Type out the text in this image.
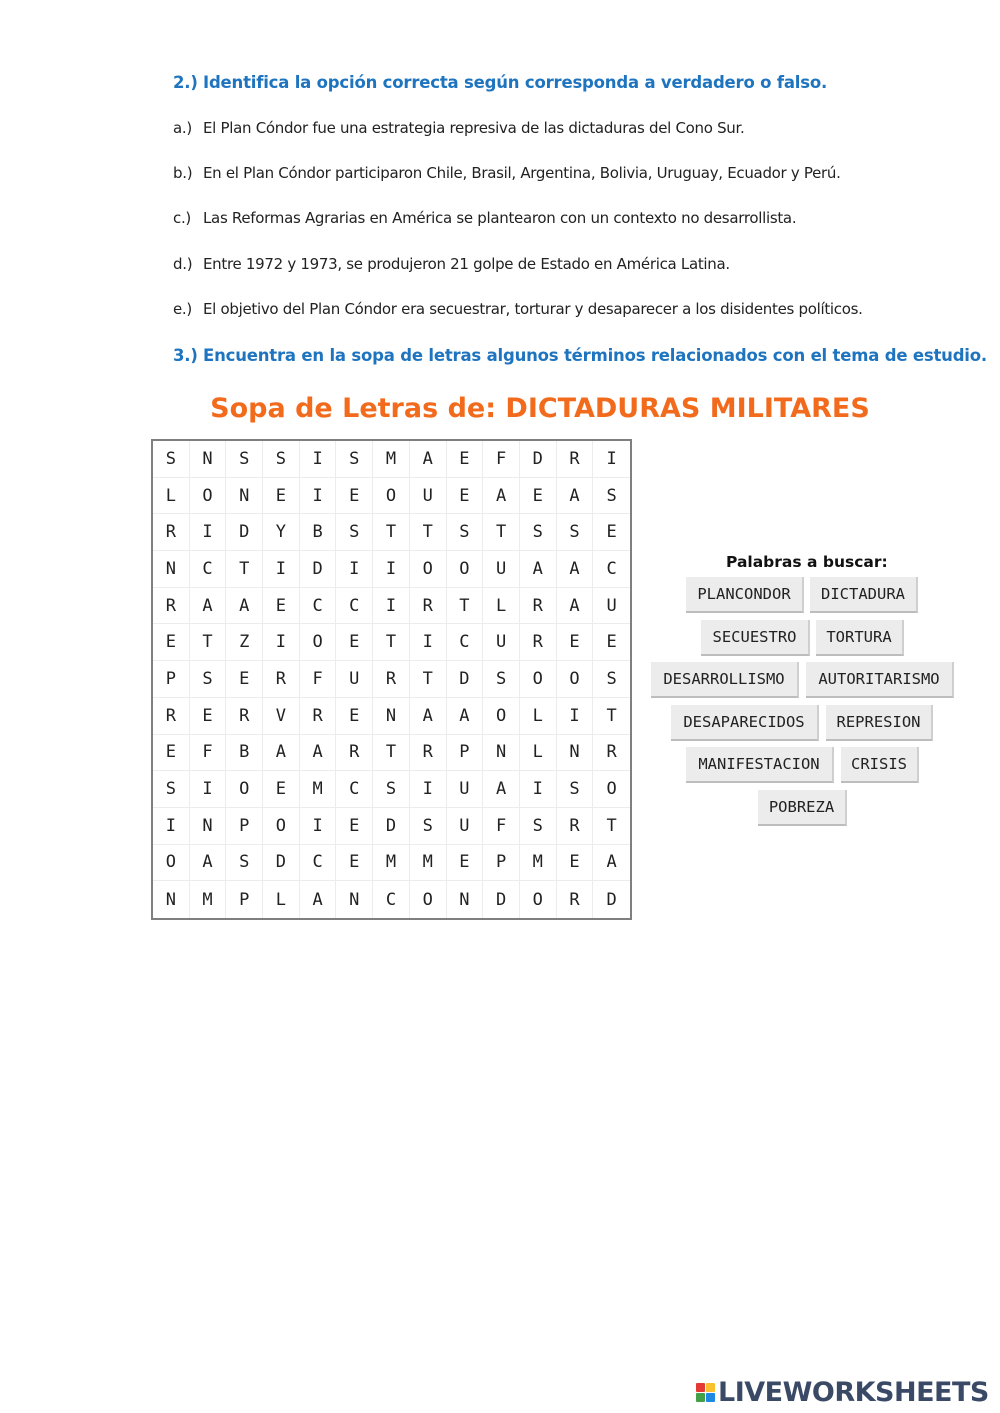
2.) Identifica la opción correcta según corresponda a verdadero o falso.
a.) El Plan Cóndor fue una estrategia represiva de las dictaduras del Cono Sur.
b.) En el Plan Cóndor participaron Chile, Brasil, Argentina, Bolivia, Uruguay, Ecuador y Perú.
c.) Las Reformas Agrarias en América se plantearon con un contexto no desarrollista.
d.) Entre 1972 y 1973, se produjeron 21 golpe de Estado en América Latina.
e.) El objetivo del Plan Cóndor era secuestrar, torturar y desaparecer a los disidentes políticos.
3.) Encuentra en la sopa de letras algunos términos relacionados con el tema de estudio.
Sopa de Letras de: DICTADURAS MILITARES
S	N	S	S	I	S	M	A	E	F	D	R	I
L	O	N	E	I	E	O	U	E	A	E	A	S
R	I	D	Y	B	S	T	T	S	T	S	S	E
N	C	T	I	D	I	I	O	O	U	A	A	C
R	A	A	E	C	C	I	R	T	L	R	A	U
E	T	Z	I	O	E	T	I	C	U	R	E	E
P	S	E	R	F	U	R	T	D	S	O	O	S
R	E	R	V	R	E	N	A	A	O	L	I	T
E	F	B	A	A	R	T	R	P	N	L	N	R
S	I	O	E	M	C	S	I	U	A	I	S	O
I	N	P	O	I	E	D	S	U	F	S	R	T
O	A	S	D	C	E	M	M	E	P	M	E	A
N	M	P	L	A	N	C	O	N	D	O	R	D
Palabras a buscar:
PLANCONDOR	DICTADURA
SECUESTRO	TORTURA
DESARROLLISMO	AUTORITARISMO
DESAPARECIDOS	REPRESION
MANIFESTACION	CRISIS
POBREZA
LIVEWORKSHEETS
